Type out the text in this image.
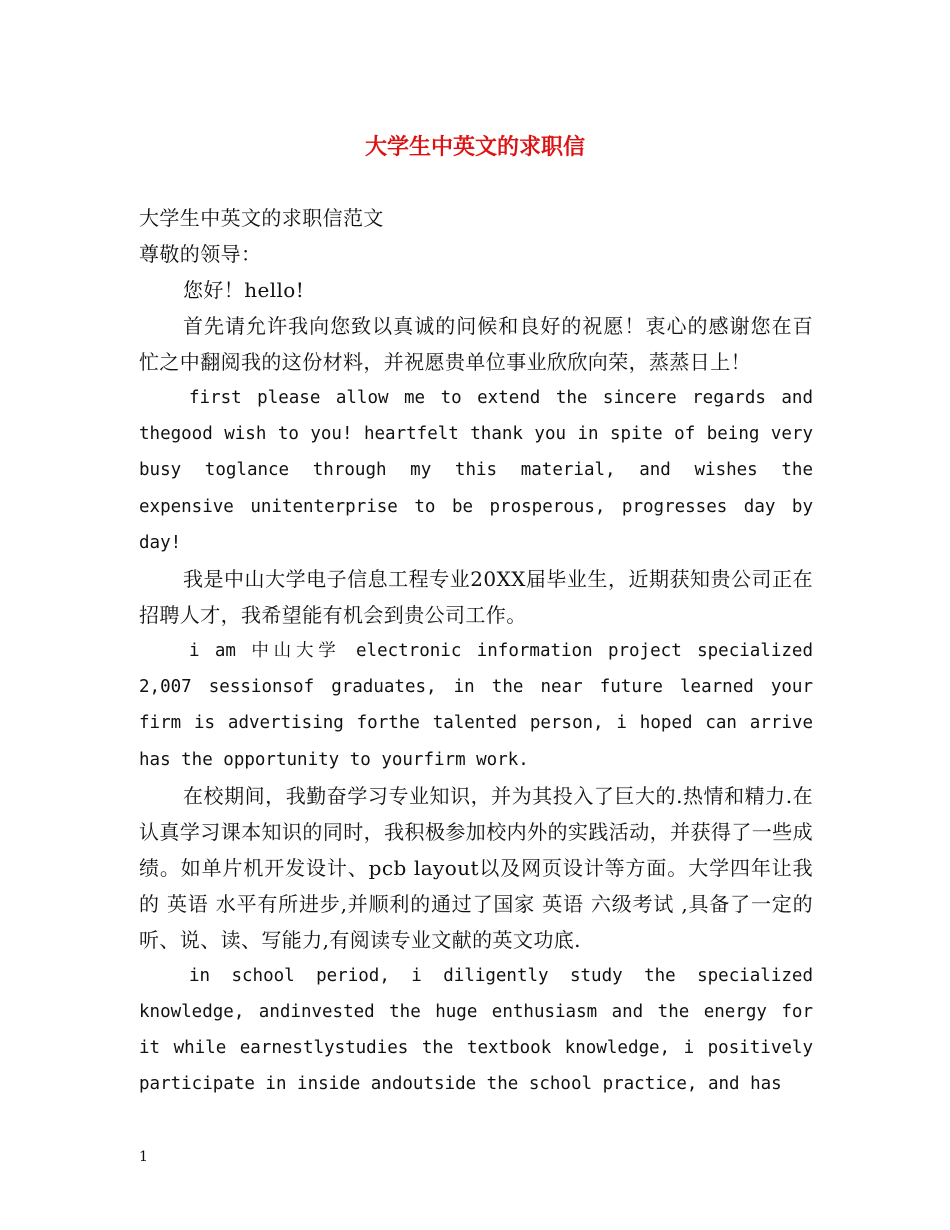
大学生中英文的求职信

大学生中英文的求职信范文

尊敬的领导：

您好！hello!

首先请允许我向您致以真诚的问候和良好的祝愿！衷心的感谢您在百忙之中翻阅我的这份材料，并祝愿贵单位事业欣欣向荣，蒸蒸日上！

first please allow me to extend the sincere regards and thegood wish to you! heartfelt thank you in spite of being very busy toglance through my this material, and wishes the expensive unitenterprise to be prosperous, progresses day by day!

我是中山大学电子信息工程专业20XX届毕业生，近期获知贵公司正在招聘人才，我希望能有机会到贵公司工作。

i am 中山大学 electronic information project specialized 2,007 sessionsof graduates, in the near future learned your firm is advertising forthe talented person, i hoped can arrive has the opportunity to yourfirm work.

在校期间，我勤奋学习专业知识，并为其投入了巨大的.热情和精力.在认真学习课本知识的同时，我积极参加校内外的实践活动，并获得了一些成绩。如单片机开发设计、pcb layout以及网页设计等方面。大学四年让我的 英语 水平有所进步,并顺利的通过了国家 英语 六级考试 ,具备了一定的听、说、读、写能力,有阅读专业文献的英文功底.

in school period, i diligently study the specialized knowledge, andinvested the huge enthusiasm and the energy for it while earnestlystudies the textbook knowledge, i positively participate in inside andoutside the school practice, and has

1
